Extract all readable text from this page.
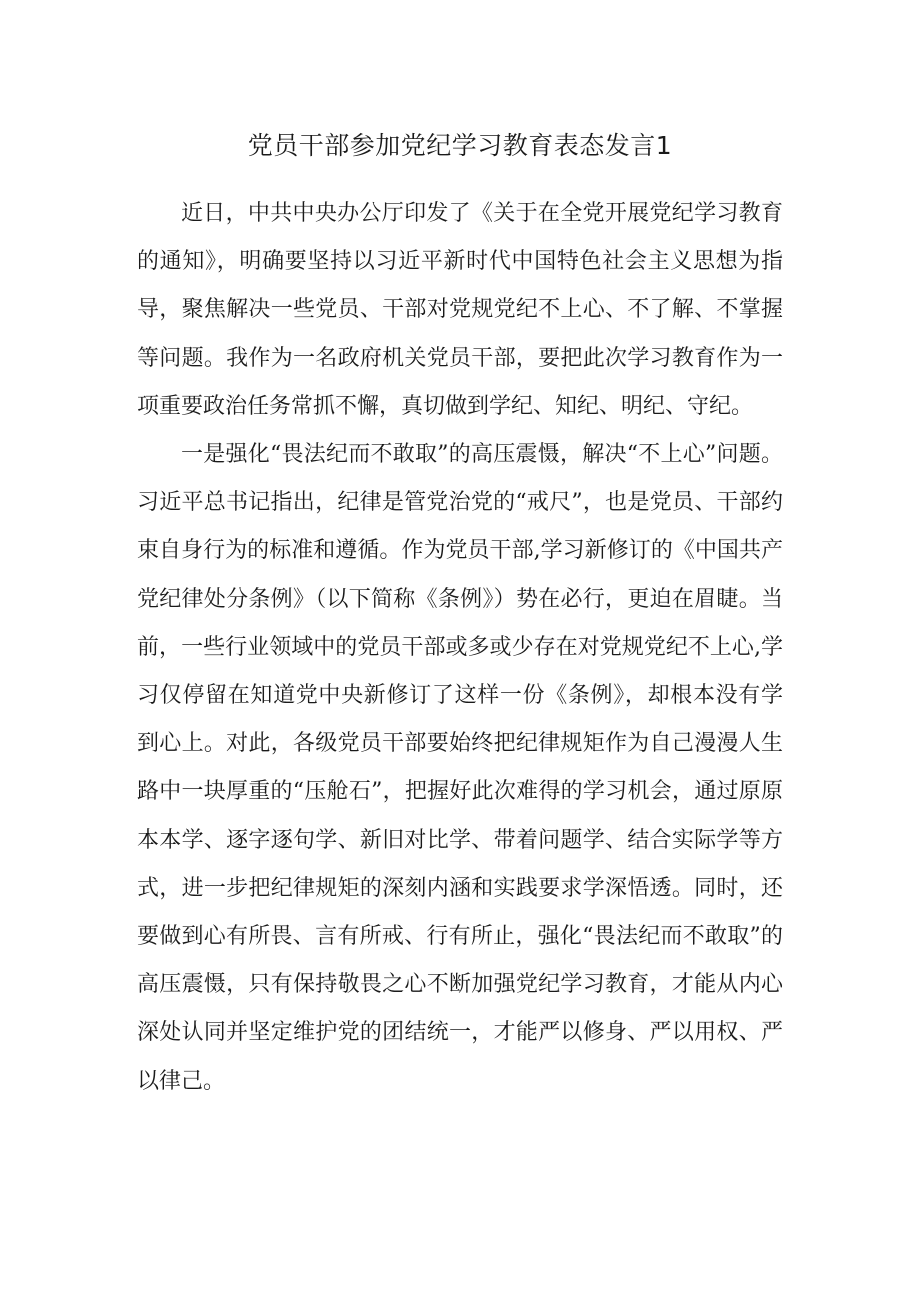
党员干部参加党纪学习教育表态发言1

近日，中共中央办公厅印发了《关于在全党开展党纪学习教育的通知》，明确要坚持以习近平新时代中国特色社会主义思想为指导，聚焦解决一些党员、干部对党规党纪不上心、不了解、不掌握等问题。我作为一名政府机关党员干部，要把此次学习教育作为一项重要政治任务常抓不懈，真切做到学纪、知纪、明纪、守纪。

一是强化“畏法纪而不敢取”的高压震慑，解决“不上心”问题。习近平总书记指出，纪律是管党治党的“戒尺”，也是党员、干部约束自身行为的标准和遵循。作为党员干部,学习新修订的《中国共产党纪律处分条例》（以下简称《条例》）势在必行，更迫在眉睫。当前，一些行业领域中的党员干部或多或少存在对党规党纪不上心,学习仅停留在知道党中央新修订了这样一份《条例》，却根本没有学到心上。对此，各级党员干部要始终把纪律规矩作为自己漫漫人生路中一块厚重的“压舱石”，把握好此次难得的学习机会，通过原原本本学、逐字逐句学、新旧对比学、带着问题学、结合实际学等方式，进一步把纪律规矩的深刻内涵和实践要求学深悟透。同时，还要做到心有所畏、言有所戒、行有所止，强化“畏法纪而不敢取”的高压震慑，只有保持敬畏之心不断加强党纪学习教育，才能从内心深处认同并坚定维护党的团结统一，才能严以修身、严以用权、严以律己。
